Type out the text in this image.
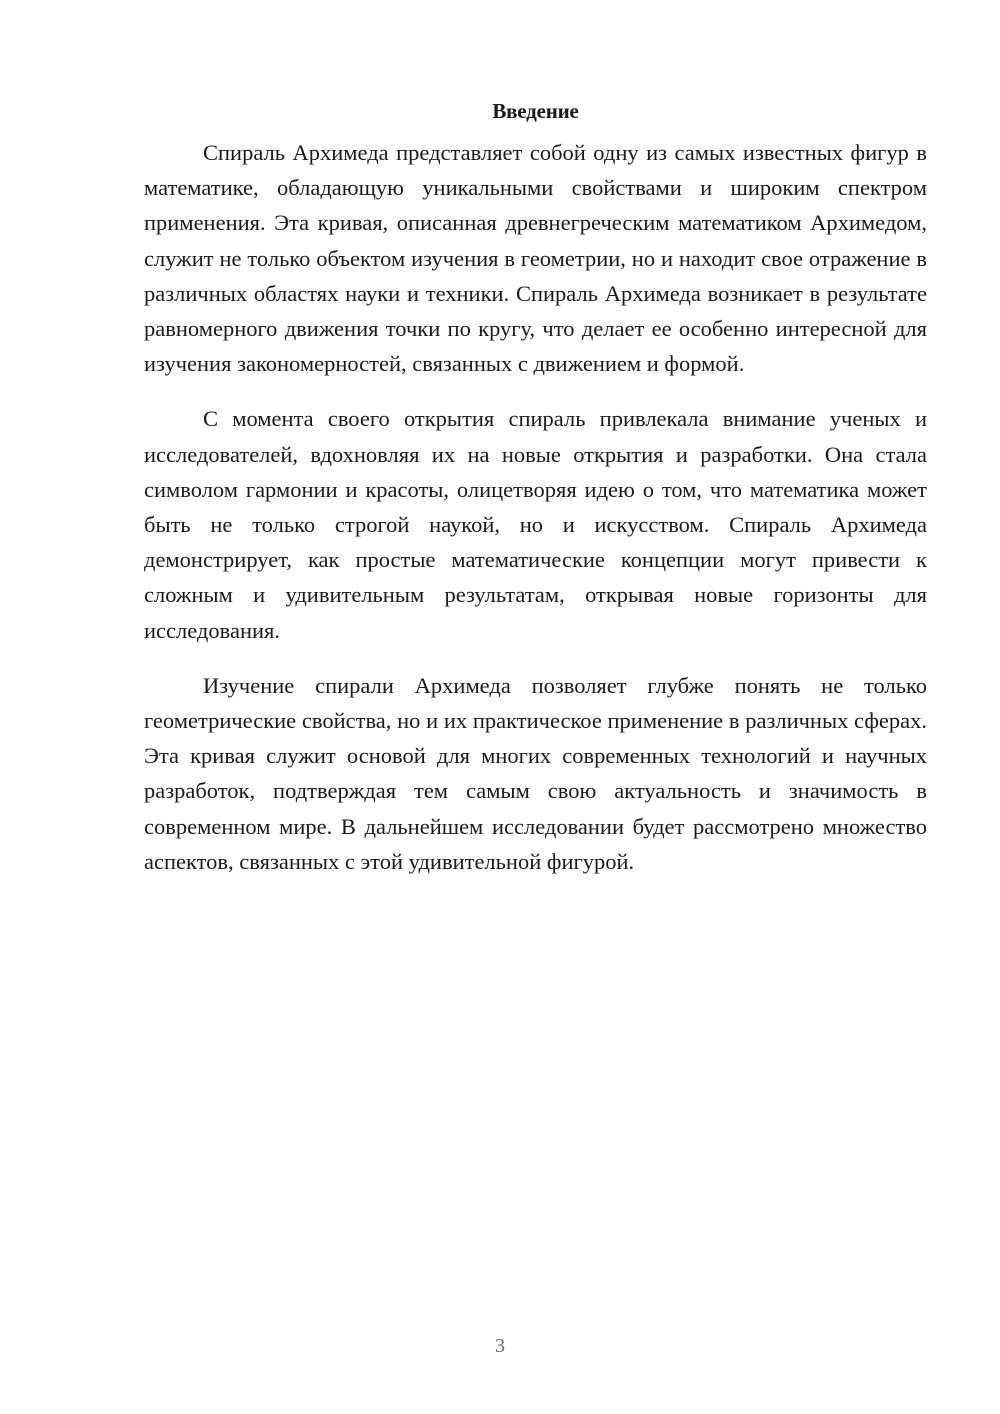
Введение

Спираль Архимеда представляет собой одну из самых известных фигур в математике, обладающую уникальными свойствами и широким спектром применения. Эта кривая, описанная древнегреческим математиком Архимедом, служит не только объектом изучения в геометрии, но и находит свое отражение в различных областях науки и техники. Спираль Архимеда возникает в результате равномерного движения точки по кругу, что делает ее особенно интересной для изучения закономерностей, связанных с движением и формой.

С момента своего открытия спираль привлекала внимание ученых и исследователей, вдохновляя их на новые открытия и разработки. Она стала символом гармонии и красоты, олицетворяя идею о том, что математика может быть не только строгой наукой, но и искусством. Спираль Архимеда демонстрирует, как простые математические концепции могут привести к сложным и удивительным результатам, открывая новые горизонты для исследования.

Изучение спирали Архимеда позволяет глубже понять не только геометрические свойства, но и их практическое применение в различных сферах. Эта кривая служит основой для многих современных технологий и научных разработок, подтверждая тем самым свою актуальность и значимость в современном мире. В дальнейшем исследовании будет рассмотрено множество аспектов, связанных с этой удивительной фигурой.

3
